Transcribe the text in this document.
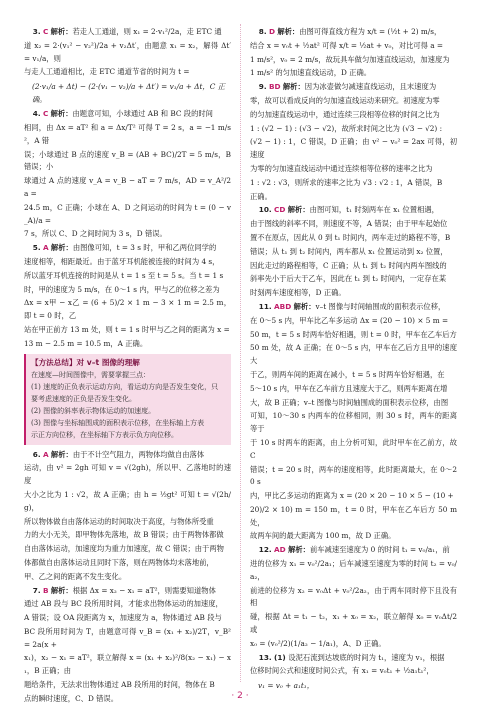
3. C 解析：若走人工通道，则 x₁ = 2·v₁²/2a，走 ETC 通

道 x₂ = 2·(v₁² − v₂²)/2a + v₂Δt′，由题意 x₁ = x₂，解得 Δt′ = v₁/a，则

与走人工通道相比，走 ETC 通道节省的时间为 t =

(2·v₁/a + Δt) − (2·(v₁ − v₂)/a + Δt′) = v₁/a + Δt，C 正确。

4. C 解析：由题意可知，小球通过 AB 和 BC 段的时间

相同，由 Δx = aT² 和 a = Δx/T² 可得 T = 2 s，a = −1 m/s²，A 错

误；小球通过 B 点的速度 v_B = (AB + BC)/2T = 5 m/s，B 错误；小

球通过 A 点的速度 v_A = v_B − aT = 7 m/s，AD = v_A²/2a =

24.5 m，C 正确；小球在 A、D 之间运动的时间为 t = (0 − v_A)/a =

7 s，所以 C、D 之间时间为 3 s，D 错误。

5. A 解析：由图像可知，t = 3 s 时，甲和乙两位同学的

速度相等，相距最近。由于蓝牙耳机能被连接的时间为 4 s，

所以蓝牙耳机连接的时间是从 t = 1 s 至 t = 5 s。当 t = 1 s

时，甲的速度为 5 m/s，在 0～1 s 内，甲与乙的位移之差为

Δx = x甲 − x乙 = (6 + 5)/2 × 1 m − 3 × 1 m = 2.5 m，即 t = 0 时，乙

站在甲正前方 13 m 处，则 t = 1 s 时甲与乙之间的距离为 x =

13 m − 2.5 m = 10.5 m，A 正确。

【方法总结】对 v–t 图像的理解
在速度—时间图像中，需要掌握三点：
(1) 速度的正负表示运动方向，看运动方向是否发生变化，只
要考虑速度的正负是否发生变化。
(2) 图像的斜率表示物体运动的加速度。
(3) 图像与坐标轴围成的面积表示位移，在坐标轴上方表
示正方向位移，在坐标轴下方表示负方向位移。

6. A 解析：由于不计空气阻力，两物体均做自由落体

运动，由 v² = 2gh 可知 v = √(2gh)，所以甲、乙落地时的速度

大小之比为 1 : √2，故 A 正确；由 h = ½gt² 可知 t = √(2h/g)，

所以物体做自由落体运动的时间取决于高度，与物体所受重

力的大小无关，即甲物体先落地，故 B 错误；由于两物体都做

自由落体运动，加速度均为重力加速度，故 C 错误；由于两物

体都做自由落体运动且同时下落，则在两物体均未落地前，

甲、乙之间的距离不发生变化。

7. B 解析：根据 Δx = x₂ − x₁ = aT²，则需要知道物体

通过 AB 段与 BC 段所用时间，才能求出物体运动的加速度，

A 错误；设 OA 段距离为 x，加速度为 a，物体通过 AB 段与

BC 段所用时间为 T，由题意可得 v_B = (x₁ + x₂)/2T，v_B² = 2a(x +

x₁)，x₂ − x₁ = aT²，联立解得 x = (x₁ + x₂)²/8(x₂ − x₁) − x₁，B 正确；由

题给条件，无法求出物体通过 AB 段所用的时间，物体在 B

点的瞬时速度，C、D 错误。

8. D 解析：由图可得直线方程为 x/t = (½t + 2) m/s，

结合 x = v₀t + ½at² 可得 x/t = ½at + v₀，对比可得 a =

1 m/s²，v₀ = 2 m/s，故玩具车做匀加速直线运动，加速度为

1 m/s² 的匀加速直线运动，D 正确。

9. BD 解析：因为冰壶做匀减速直线运动，且末速度为

零，故可以看成反向的匀加速直线运动来研究。初速度为零

的匀加速直线运动中，通过连续三段相等位移的时间之比为

1 : (√2 − 1) : (√3 − √2)，故所求时间之比为 (√3 − √2) :

(√2 − 1) : 1，C 错误，D 正确；由 v² − v₀² = 2ax 可得，初速度

为零的匀加速直线运动中通过连续相等位移的速率之比为

1 : √2 : √3，则所求的速率之比为 √3 : √2 : 1，A 错误，B

正确。

10. CD 解析：由图可知，t₁ 时刻两车在 x₁ 位置相遇，

由于图线的斜率不同，则速度不等，A 错误；由于甲车起始位

置不在原点，因此从 0 到 t₁ 时间内，两车走过的路程不等，B

错误；从 t₁ 到 t₂ 时间内，两车都从 x₁ 位置运动到 x₂ 位置，

因此走过的路程相等，C 正确；从 t₁ 到 t₂ 时间内两车图线的

斜率先小于后大于乙车，因此在 t₁ 到 t₂ 时间内，一定存在某

时刻两车速度相等，D 正确。

11. ABD 解析：v–t 图像与时间轴围成的面积表示位移，

在 0～5 s 内，甲车比乙车多运动 Δx = (20 − 10) × 5 m =

50 m，t = 5 s 时两车恰好相遇，则 t = 0 时，甲车在乙车后方

50 m 处，故 A 正确；在 0～5 s 内，甲车在乙后方且甲的速度大

于乙，则两车间的距离在减小，t = 5 s 时两车恰好相遇，在

5～10 s 内，甲车在乙车前方且速度大于乙，则两车距离在增

大，故 B 正确；v–t 图像与时间轴围成的面积表示位移，由图

可知，10～30 s 内两车的位移相同，则 30 s 时，两车的距离等于

于 10 s 时两车的距离，由上分析可知，此时甲车在乙前方，故 C

错误；t = 20 s 时，两车的速度相等，此时距离最大，在 0～20 s

内，甲比乙多运动的距离为 x = (20 × 20 − 10 × 5 − (10 +

20)/2 × 10) m = 150 m，t = 0 时，甲车在乙车后方 50 m 处，

故两车间的最大距离为 100 m，故 D 正确。

12. AD 解析：前车减速至速度为 0 的时间 t₁ = v₀/a₁，前

进的位移为 x₁ = v₀²/2a₁；后车减速至速度为零的时间 t₂ = v₀/a₂，

前进的位移为 x₂ = v₀Δt + v₀²/2a₂，由于两车同时停下且没有相

碰，根据 Δt = t₁ − t₂，x₁ + x₀ = x₂，联立解得 x₀ = v₀Δt/2 或

x₀ = (v₀²/2)(1/a₂ − 1/a₁)，A、D 正确。

13. (1) 设泥石流到达坡底的时间为 t₁，速度为 v₁，根据

位移时间公式和速度时间公式，有 x₁ = v₀t₁ + ½a₁t₁²，

v₁ = v₀ + a₁t₁，

· 2 ·
